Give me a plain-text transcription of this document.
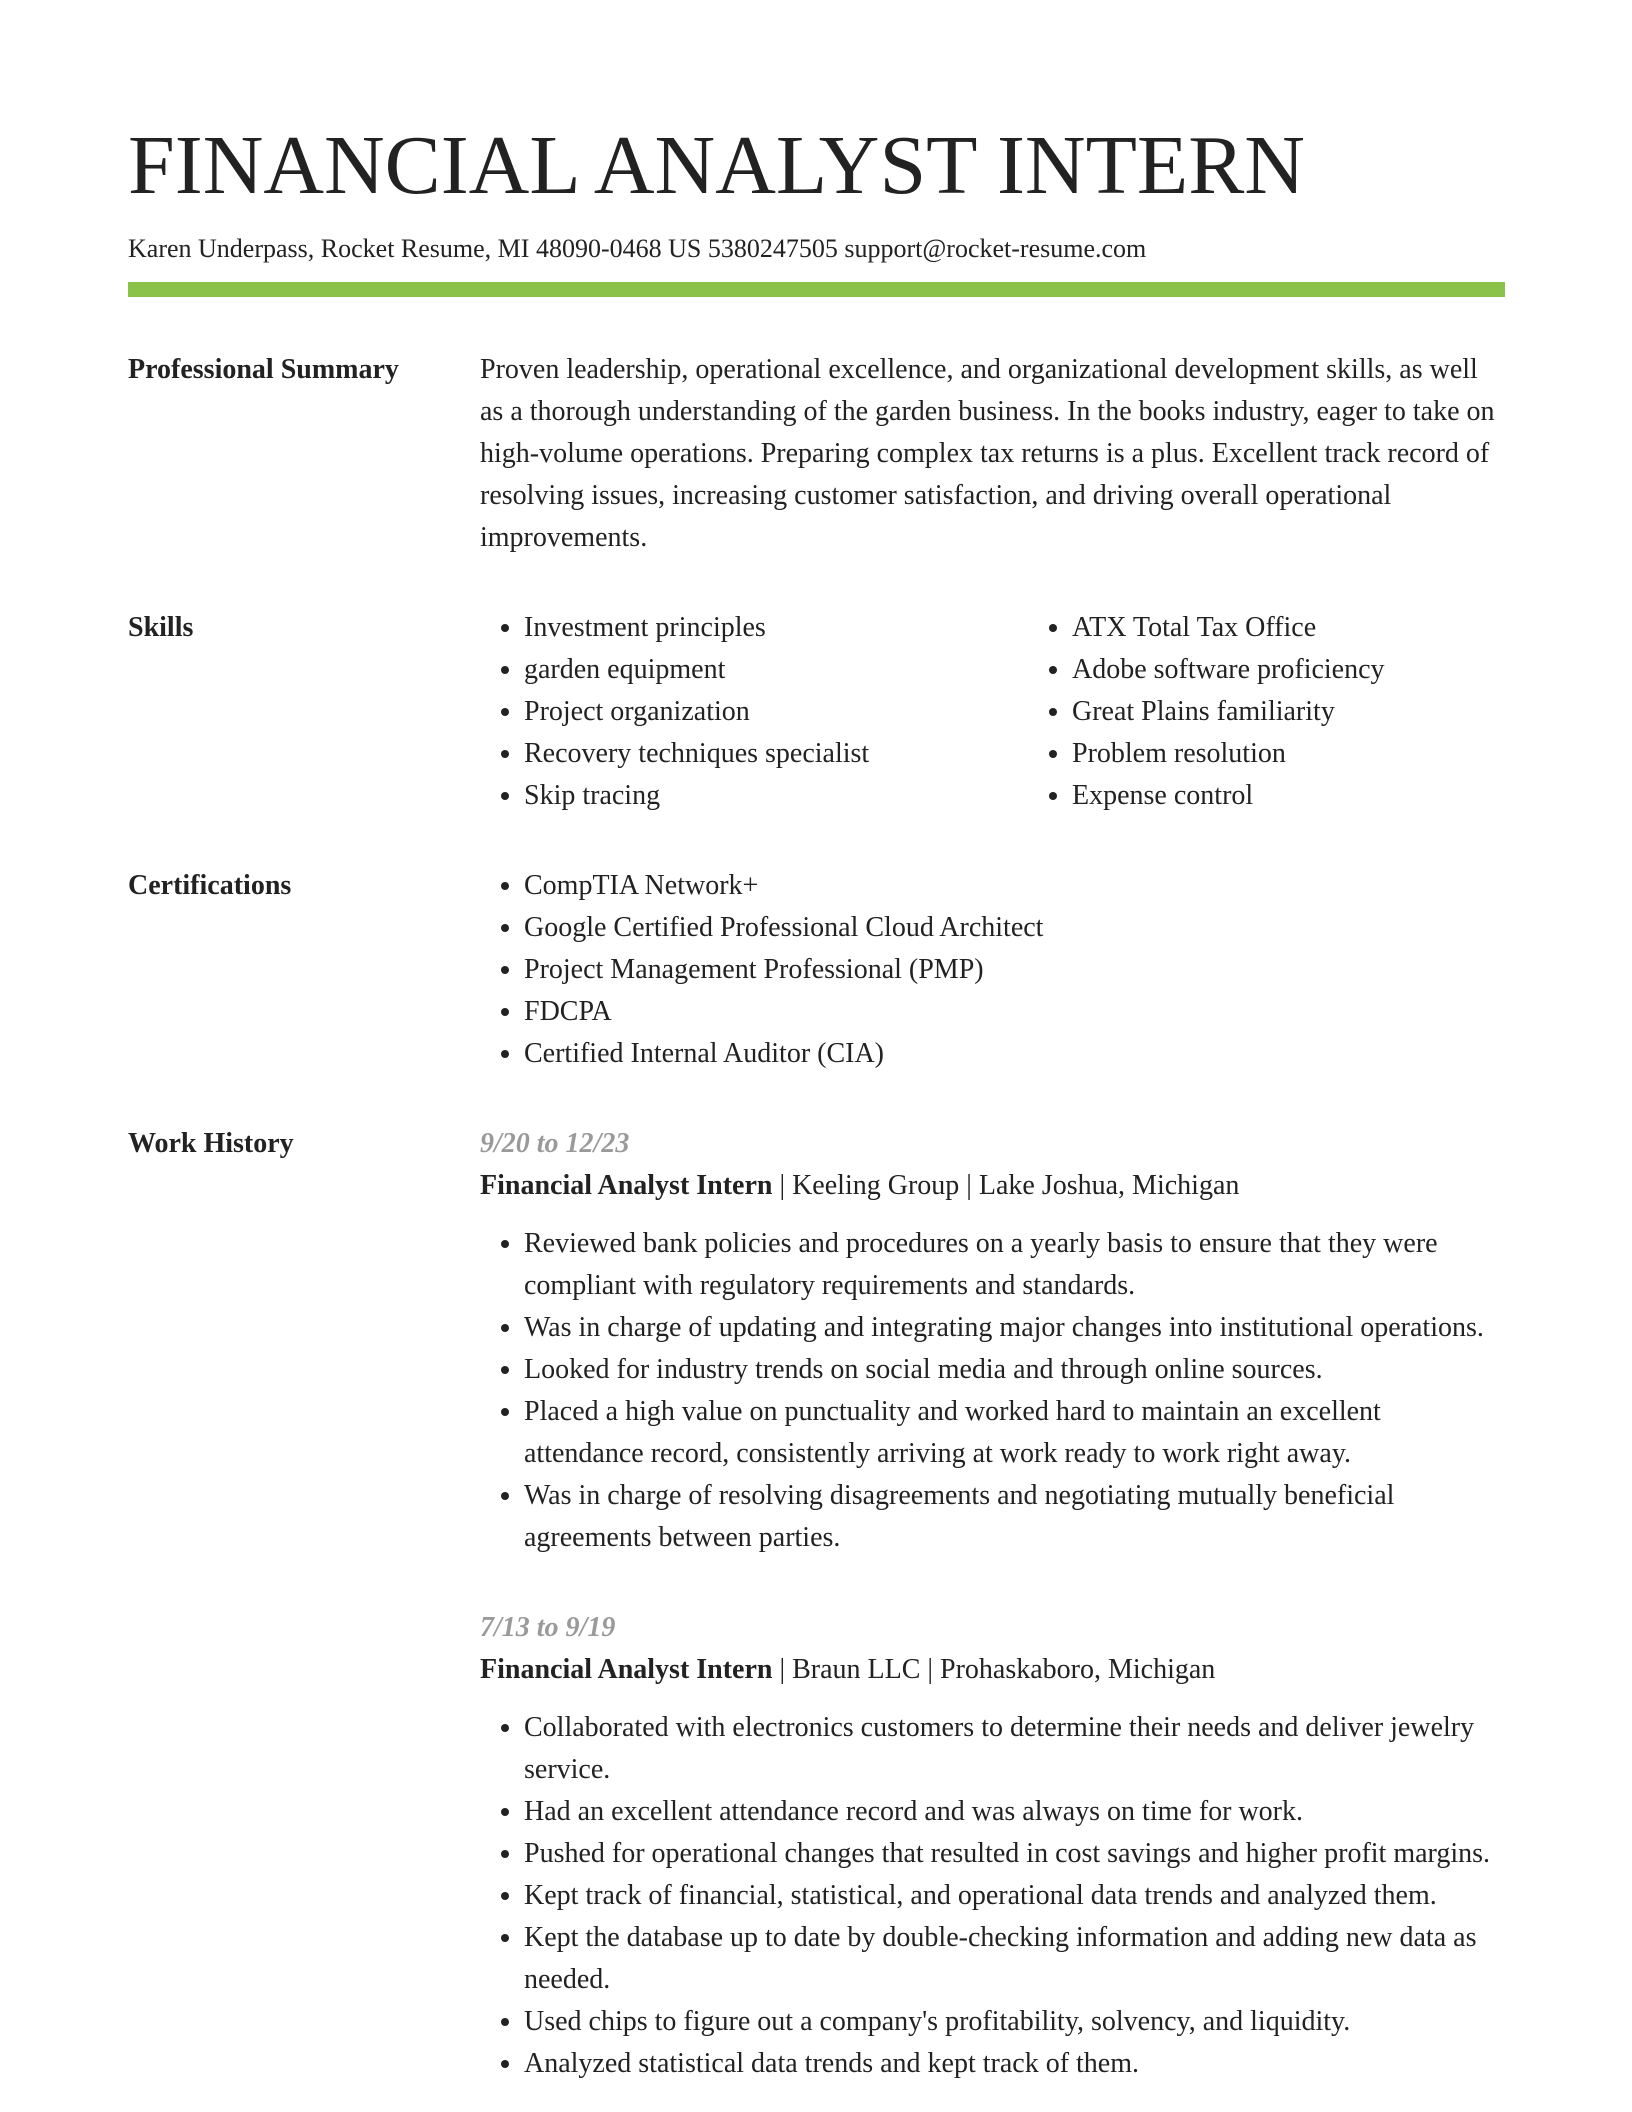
FINANCIAL ANALYST INTERN
Karen Underpass, Rocket Resume, MI 48090-0468 US 5380247505 support@rocket-resume.com
Professional Summary	Proven leadership, operational excellence, and organizational development skills, as well as a thorough understanding of the garden business. In the books industry, eager to take on high-volume operations. Preparing complex tax returns is a plus. Excellent track record of resolving issues, increasing customer satisfaction, and driving overall operational improvements.

Skills	• Investment principles
• garden equipment
• Project organization
• Recovery techniques specialist
• Skip tracing
• ATX Total Tax Office
• Adobe software proficiency
• Great Plains familiarity
• Problem resolution
• Expense control
Certifications	• CompTIA Network+
• Google Certified Professional Cloud Architect
• Project Management Professional (PMP)
• FDCPA
• Certified Internal Auditor (CIA)
Work History	9/20 to 12/23

Financial Analyst Intern | Keeling Group | Lake Joshua, Michigan

• Reviewed bank policies and procedures on a yearly basis to ensure that they were compliant with regulatory requirements and standards.
• Was in charge of updating and integrating major changes into institutional operations.
• Looked for industry trends on social media and through online sources.
• Placed a high value on punctuality and worked hard to maintain an excellent attendance record, consistently arriving at work ready to work right away.
• Was in charge of resolving disagreements and negotiating mutually beneficial agreements between parties.
7/13 to 9/19

Financial Analyst Intern | Braun LLC | Prohaskaboro, Michigan

• Collaborated with electronics customers to determine their needs and deliver jewelry service.
• Had an excellent attendance record and was always on time for work.
• Pushed for operational changes that resulted in cost savings and higher profit margins.
• Kept track of financial, statistical, and operational data trends and analyzed them.
• Kept the database up to date by double-checking information and adding new data as needed.
• Used chips to figure out a company's profitability, solvency, and liquidity.
• Analyzed statistical data trends and kept track of them.
